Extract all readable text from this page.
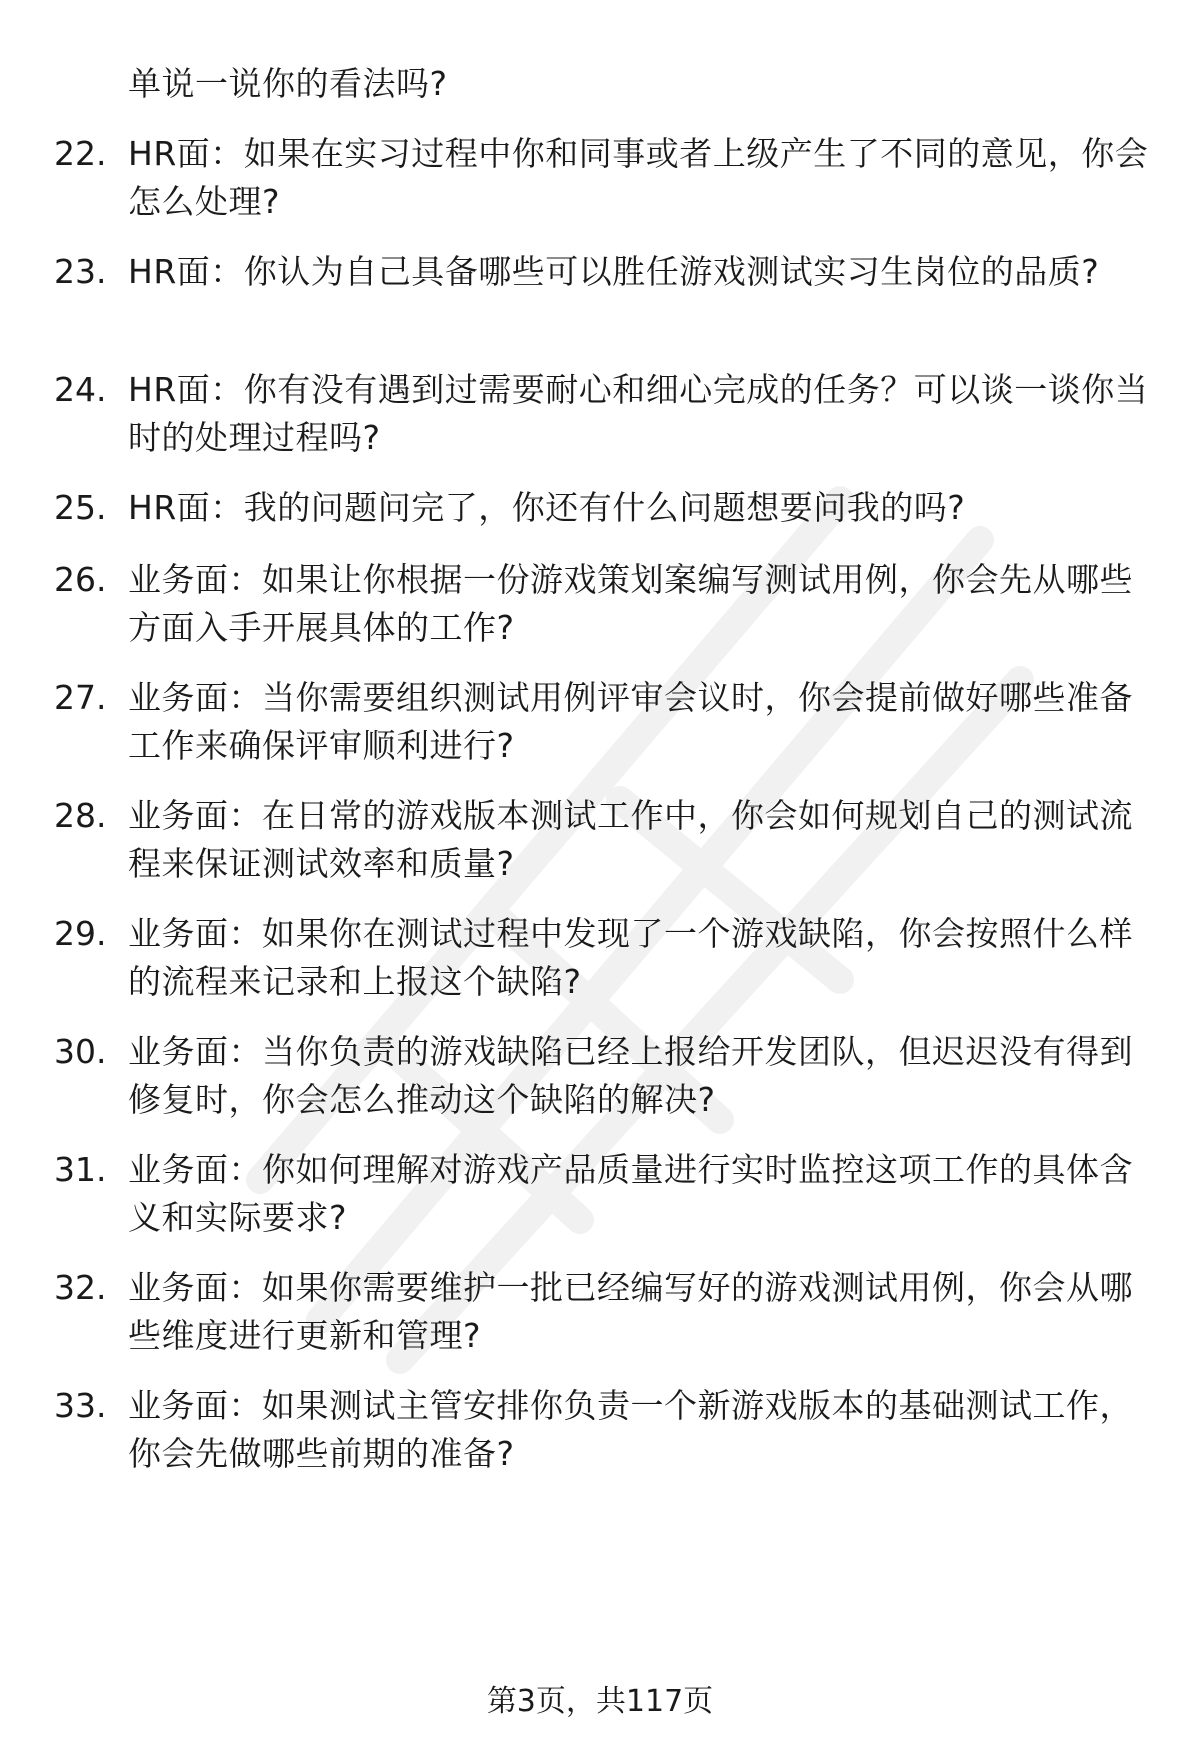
单说一说你的看法吗?
22. HR面：如果在实习过程中你和同事或者上级产生了不同的意见，你会怎么处理?
23. HR面：你认为自己具备哪些可以胜任游戏测试实习生岗位的品质?
24. HR面：你有没有遇到过需要耐心和细心完成的任务？可以谈一谈你当时的处理过程吗?
25. HR面：我的问题问完了，你还有什么问题想要问我的吗?
26. 业务面：如果让你根据一份游戏策划案编写测试用例，你会先从哪些方面入手开展具体的工作?
27. 业务面：当你需要组织测试用例评审会议时，你会提前做好哪些准备工作来确保评审顺利进行?
28. 业务面：在日常的游戏版本测试工作中，你会如何规划自己的测试流程来保证测试效率和质量?
29. 业务面：如果你在测试过程中发现了一个游戏缺陷，你会按照什么样的流程来记录和上报这个缺陷?
30. 业务面：当你负责的游戏缺陷已经上报给开发团队，但迟迟没有得到修复时，你会怎么推动这个缺陷的解决?
31. 业务面：你如何理解对游戏产品质量进行实时监控这项工作的具体含义和实际要求?
32. 业务面：如果你需要维护一批已经编写好的游戏测试用例，你会从哪些维度进行更新和管理?
33. 业务面：如果测试主管安排你负责一个新游戏版本的基础测试工作，你会先做哪些前期的准备?
第3页，共117页
